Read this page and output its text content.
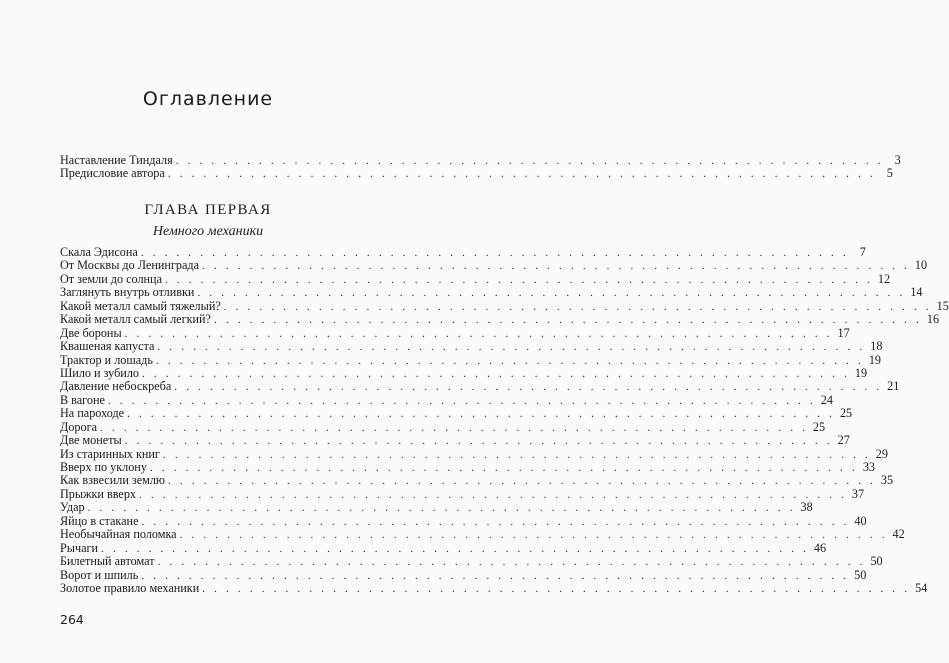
Оглавление
Наставление Тиндаля . . . . . . . . . . . . . . . . . . . . . . . . . . . . . . . . . . . . . . . . . . . . . . . . . . . . . . . . . . . . 3
Предисловие автора . . . . . . . . . . . . . . . . . . . . . . . . . . . . . . . . . . . . . . . . . . . . . . . . . . . . . . . . . . . . 5
ГЛАВА ПЕРВАЯ
Немного механики
Скала Эдисона . . . . . . . . . . . . . . . . . . . . . . . . . . . . . . . . . . . . . . . . . . . . . . . . . . . . . . . . . . . . 7
От Москвы до Ленинграда . . . . . . . . . . . . . . . . . . . . . . . . . . . . . . . . . . . . . . . . . . . . . . . . . . . . . . . . . . . . 10
От земли до солнца . . . . . . . . . . . . . . . . . . . . . . . . . . . . . . . . . . . . . . . . . . . . . . . . . . . . . . . . . . . . 12
Заглянуть внутрь отливки . . . . . . . . . . . . . . . . . . . . . . . . . . . . . . . . . . . . . . . . . . . . . . . . . . . . . . . . . . . . 14
Какой металл самый тяжелый? . . . . . . . . . . . . . . . . . . . . . . . . . . . . . . . . . . . . . . . . . . . . . . . . . . . . . . . . . . . . 15
Какой металл самый легкий? . . . . . . . . . . . . . . . . . . . . . . . . . . . . . . . . . . . . . . . . . . . . . . . . . . . . . . . . . . . . 16
Две бороны . . . . . . . . . . . . . . . . . . . . . . . . . . . . . . . . . . . . . . . . . . . . . . . . . . . . . . . . . . . . 17
Квашеная капуста . . . . . . . . . . . . . . . . . . . . . . . . . . . . . . . . . . . . . . . . . . . . . . . . . . . . . . . . . . . . 18
Трактор и лошадь . . . . . . . . . . . . . . . . . . . . . . . . . . . . . . . . . . . . . . . . . . . . . . . . . . . . . . . . . . . . 19
Шило и зубило . . . . . . . . . . . . . . . . . . . . . . . . . . . . . . . . . . . . . . . . . . . . . . . . . . . . . . . . . . . . 19
Давление небоскреба . . . . . . . . . . . . . . . . . . . . . . . . . . . . . . . . . . . . . . . . . . . . . . . . . . . . . . . . . . . . 21
В вагоне . . . . . . . . . . . . . . . . . . . . . . . . . . . . . . . . . . . . . . . . . . . . . . . . . . . . . . . . . . . . 24
На пароходе . . . . . . . . . . . . . . . . . . . . . . . . . . . . . . . . . . . . . . . . . . . . . . . . . . . . . . . . . . . . 25
Дорога . . . . . . . . . . . . . . . . . . . . . . . . . . . . . . . . . . . . . . . . . . . . . . . . . . . . . . . . . . . . 25
Две монеты . . . . . . . . . . . . . . . . . . . . . . . . . . . . . . . . . . . . . . . . . . . . . . . . . . . . . . . . . . . . 27
Из старинных книг . . . . . . . . . . . . . . . . . . . . . . . . . . . . . . . . . . . . . . . . . . . . . . . . . . . . . . . . . . . . 29
Вверх по уклону . . . . . . . . . . . . . . . . . . . . . . . . . . . . . . . . . . . . . . . . . . . . . . . . . . . . . . . . . . . . 33
Как взвесили землю . . . . . . . . . . . . . . . . . . . . . . . . . . . . . . . . . . . . . . . . . . . . . . . . . . . . . . . . . . . . 35
Прыжки вверх . . . . . . . . . . . . . . . . . . . . . . . . . . . . . . . . . . . . . . . . . . . . . . . . . . . . . . . . . . . . 37
Удар . . . . . . . . . . . . . . . . . . . . . . . . . . . . . . . . . . . . . . . . . . . . . . . . . . . . . . . . . . . . 38
Яйцо в стакане . . . . . . . . . . . . . . . . . . . . . . . . . . . . . . . . . . . . . . . . . . . . . . . . . . . . . . . . . . . . 40
Необычайная поломка . . . . . . . . . . . . . . . . . . . . . . . . . . . . . . . . . . . . . . . . . . . . . . . . . . . . . . . . . . . . 42
Рычаги . . . . . . . . . . . . . . . . . . . . . . . . . . . . . . . . . . . . . . . . . . . . . . . . . . . . . . . . . . . . 46
Билетный автомат . . . . . . . . . . . . . . . . . . . . . . . . . . . . . . . . . . . . . . . . . . . . . . . . . . . . . . . . . . . . 50
Ворот и шпиль . . . . . . . . . . . . . . . . . . . . . . . . . . . . . . . . . . . . . . . . . . . . . . . . . . . . . . . . . . . . 50
Золотое правило механики . . . . . . . . . . . . . . . . . . . . . . . . . . . . . . . . . . . . . . . . . . . . . . . . . . . . . . . . . . . . 54
264
